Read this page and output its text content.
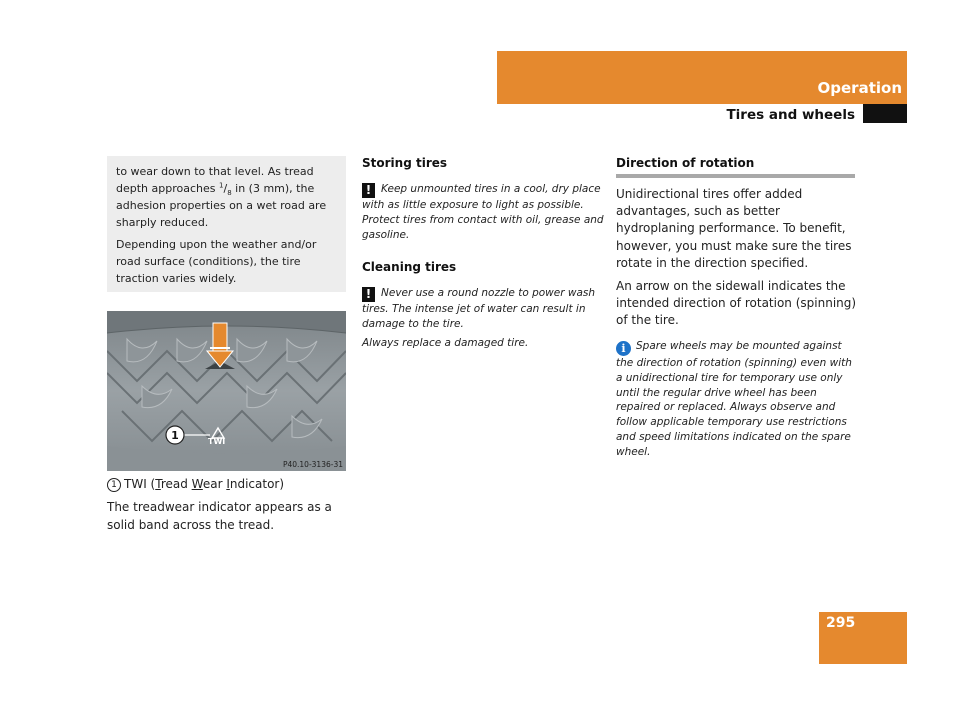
Operation
Tires and wheels

to wear down to that level. As tread depth approaches $^1/_8$ in (3 mm), the adhesion properties on a wet road are sharply reduced.

Depending upon the weather and/or road surface (conditions), the tire traction varies widely.

TWI
1
P40.10-3136-31
1 TWI (Tread Wear Indicator)

The treadwear indicator appears as a solid band across the tread.

Storing tires

! Keep unmounted tires in a cool, dry place with as little exposure to light as possible. Protect tires from contact with oil, grease and gasoline.

Cleaning tires

! Never use a round nozzle to power wash tires. The intense jet of water can result in damage to the tire.

Always replace a damaged tire.

Direction of rotation

Unidirectional tires offer added advantages, such as better hydroplaning performance. To benefit, however, you must make sure the tires rotate in the direction specified.

An arrow on the sidewall indicates the intended direction of rotation (spinning) of the tire.

i Spare wheels may be mounted against the direction of rotation (spinning) even with a unidirectional tire for temporary use only until the regular drive wheel has been repaired or replaced. Always observe and follow applicable temporary use restrictions and speed limitations indicated on the spare wheel.

295
